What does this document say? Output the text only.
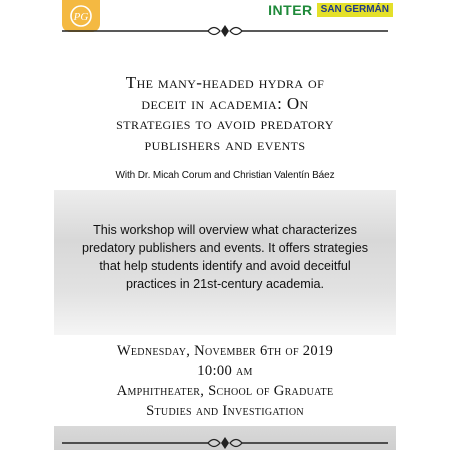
PG	INTER SAN GERMÁN
The many-headed hydra of
deceit in academia: On
strategies to avoid predatory
publishers and events
With Dr. Micah Corum and Christian Valentín Báez
This workshop will overview what characterizes
predatory publishers and events. It offers strategies
that help students identify and avoid deceitful
practices in 21st-century academia.
Wednesday, November 6th of 2019
10:00 am
Amphitheater, School of Graduate
Studies and Investigation
